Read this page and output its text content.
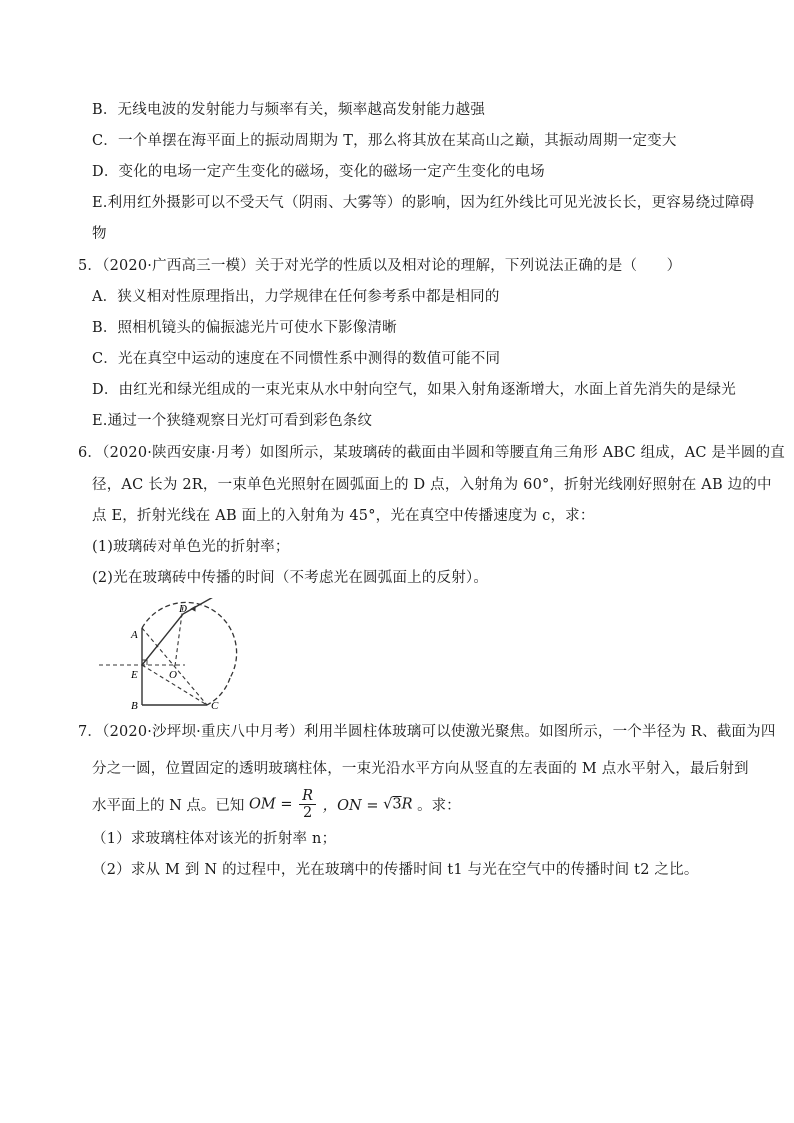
B．无线电波的发射能力与频率有关，频率越高发射能力越强
C．一个单摆在海平面上的振动周期为 T，那么将其放在某高山之巅，其振动周期一定变大
D．变化的电场一定产生变化的磁场，变化的磁场一定产生变化的电场
E.利用红外摄影可以不受天气（阴雨、大雾等）的影响，因为红外线比可见光波长长，更容易绕过障碍
物
5．（2020·广西高三一模）关于对光学的性质以及相对论的理解，下列说法正确的是（　　）
A．狭义相对性原理指出，力学规律在任何参考系中都是相同的
B．照相机镜头的偏振滤光片可使水下影像清晰
C．光在真空中运动的速度在不同惯性系中测得的数值可能不同
D．由红光和绿光组成的一束光束从水中射向空气，如果入射角逐渐增大，水面上首先消失的是绿光
E.通过一个狭缝观察日光灯可看到彩色条纹
6．（2020·陕西安康·月考）如图所示，某玻璃砖的截面由半圆和等腰直角三角形 ABC 组成，AC 是半圆的直
径，AC 长为 2R，一束单色光照射在圆弧面上的 D 点，入射角为 60°，折射光线刚好照射在 AB 边的中
点 E，折射光线在 AB 面上的入射角为 45°，光在真空中传播速度为 c，求：
(1)玻璃砖对单色光的折射率；
(2)光在玻璃砖中传播的时间（不考虑光在圆弧面上的反射）。
A
B	C
D
E	O
7．（2020·沙坪坝·重庆八中月考）利用半圆柱体玻璃可以使激光聚焦。如图所示，一个半径为 R、截面为四
分之一圆，位置固定的透明玻璃柱体，一束光沿水平方向从竖直的左表面的 M 点水平射入，最后射到
水平面上的 N 点。已知 OM = $\frac{R}{2}$ ，ON = √3R 。求：
（1）求玻璃柱体对该光的折射率 n；
（2）求从 M 到 N 的过程中，光在玻璃中的传播时间 t1 与光在空气中的传播时间 t2 之比。
